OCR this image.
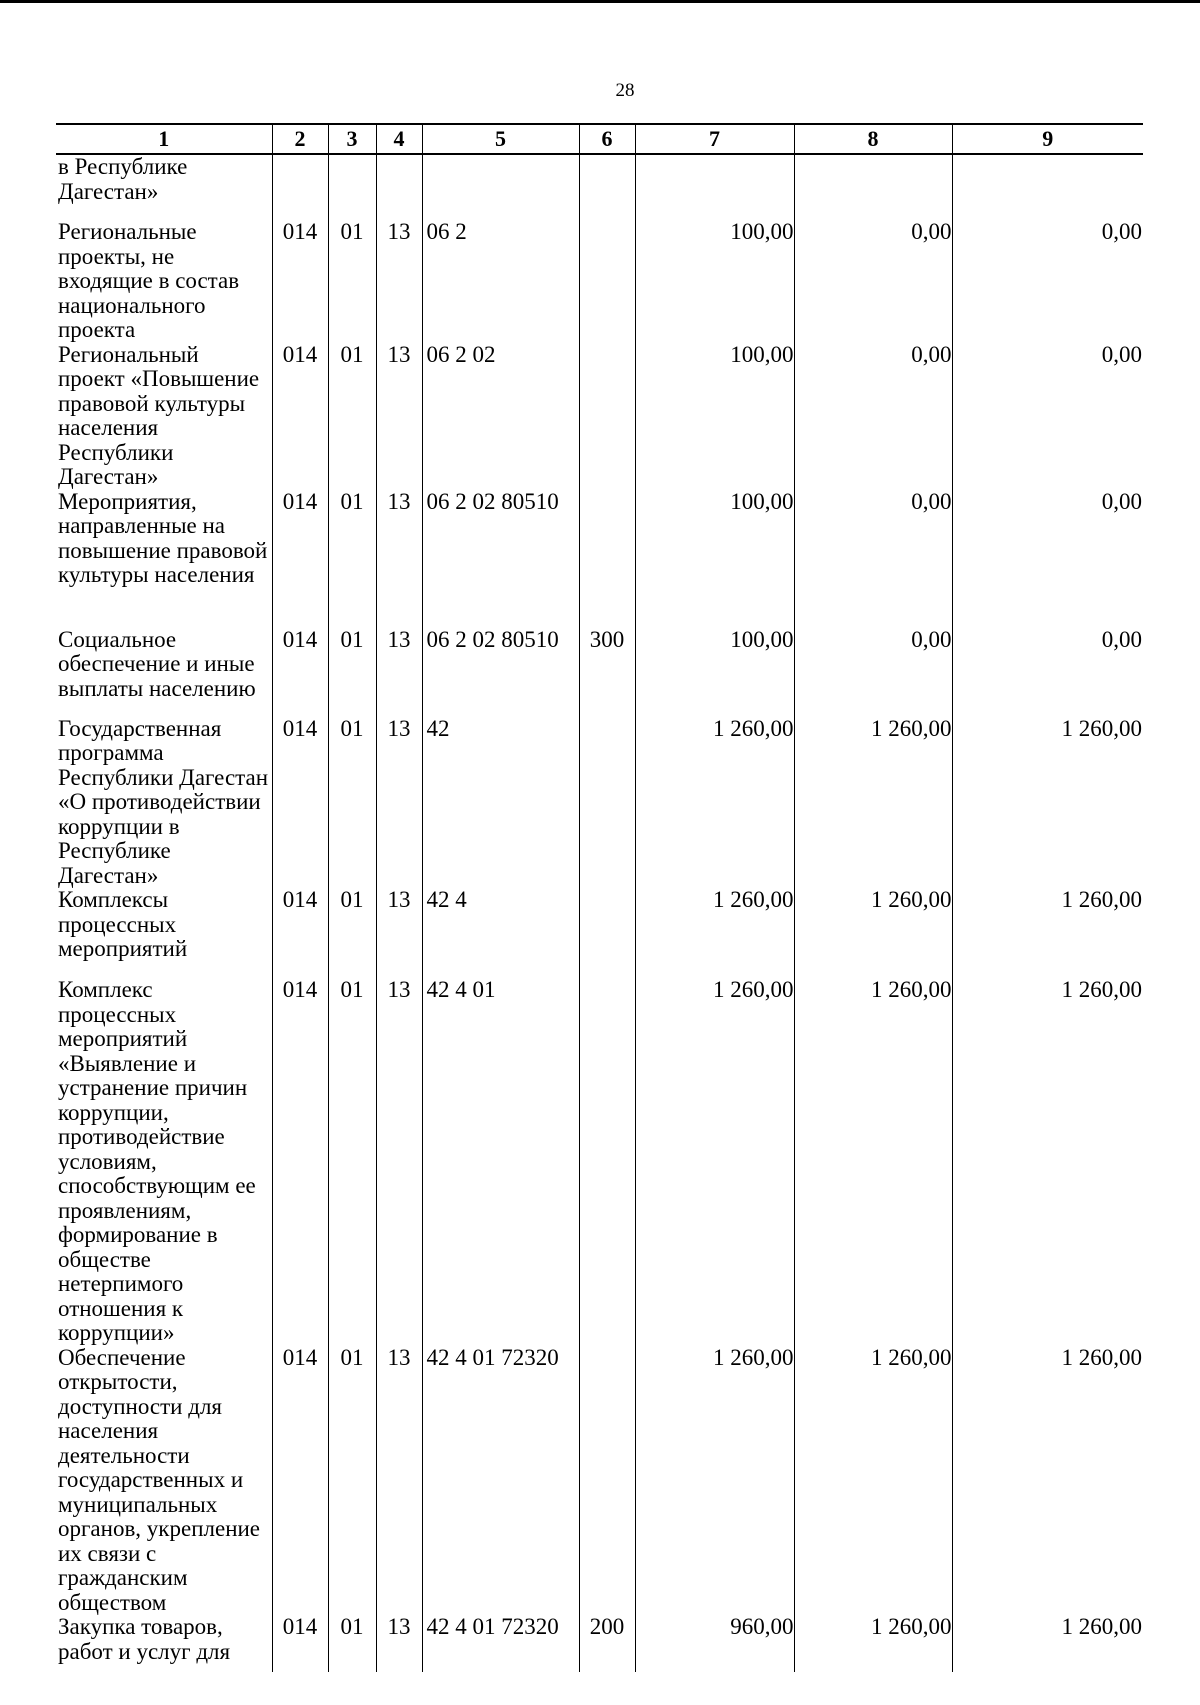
28
1	2	3	4	5	6	7	8	9
в Республике Дагестан»								
Региональные проекты, не входящие в состав национального проекта	014	01	13	06 2		100,00	0,00	0,00
Региональный проект «Повышение правовой культуры населения Республики Дагестан»	014	01	13	06 2 02		100,00	0,00	0,00
Мероприятия, направленные на повышение правовой культуры населения	014	01	13	06 2 02 80510		100,00	0,00	0,00
Социальное обеспечение и иные выплаты населению	014	01	13	06 2 02 80510	300	100,00	0,00	0,00
Государственная программа Республики Дагестан «О противодействии коррупции в Республике Дагестан»	014	01	13	42		1 260,00	1 260,00	1 260,00
Комплексы процессных мероприятий	014	01	13	42 4		1 260,00	1 260,00	1 260,00
Комплекс процессных мероприятий «Выявление и устранение причин коррупции, противодействие условиям, способствующим ее проявлениям, формирование в обществе нетерпимого отношения к коррупции»	014	01	13	42 4 01		1 260,00	1 260,00	1 260,00
Обеспечение открытости, доступности для населения деятельности государственных и муниципальных органов, укрепление их связи с гражданским обществом	014	01	13	42 4 01 72320		1 260,00	1 260,00	1 260,00
Закупка товаров, работ и услуг для	014	01	13	42 4 01 72320	200	960,00	1 260,00	1 260,00
